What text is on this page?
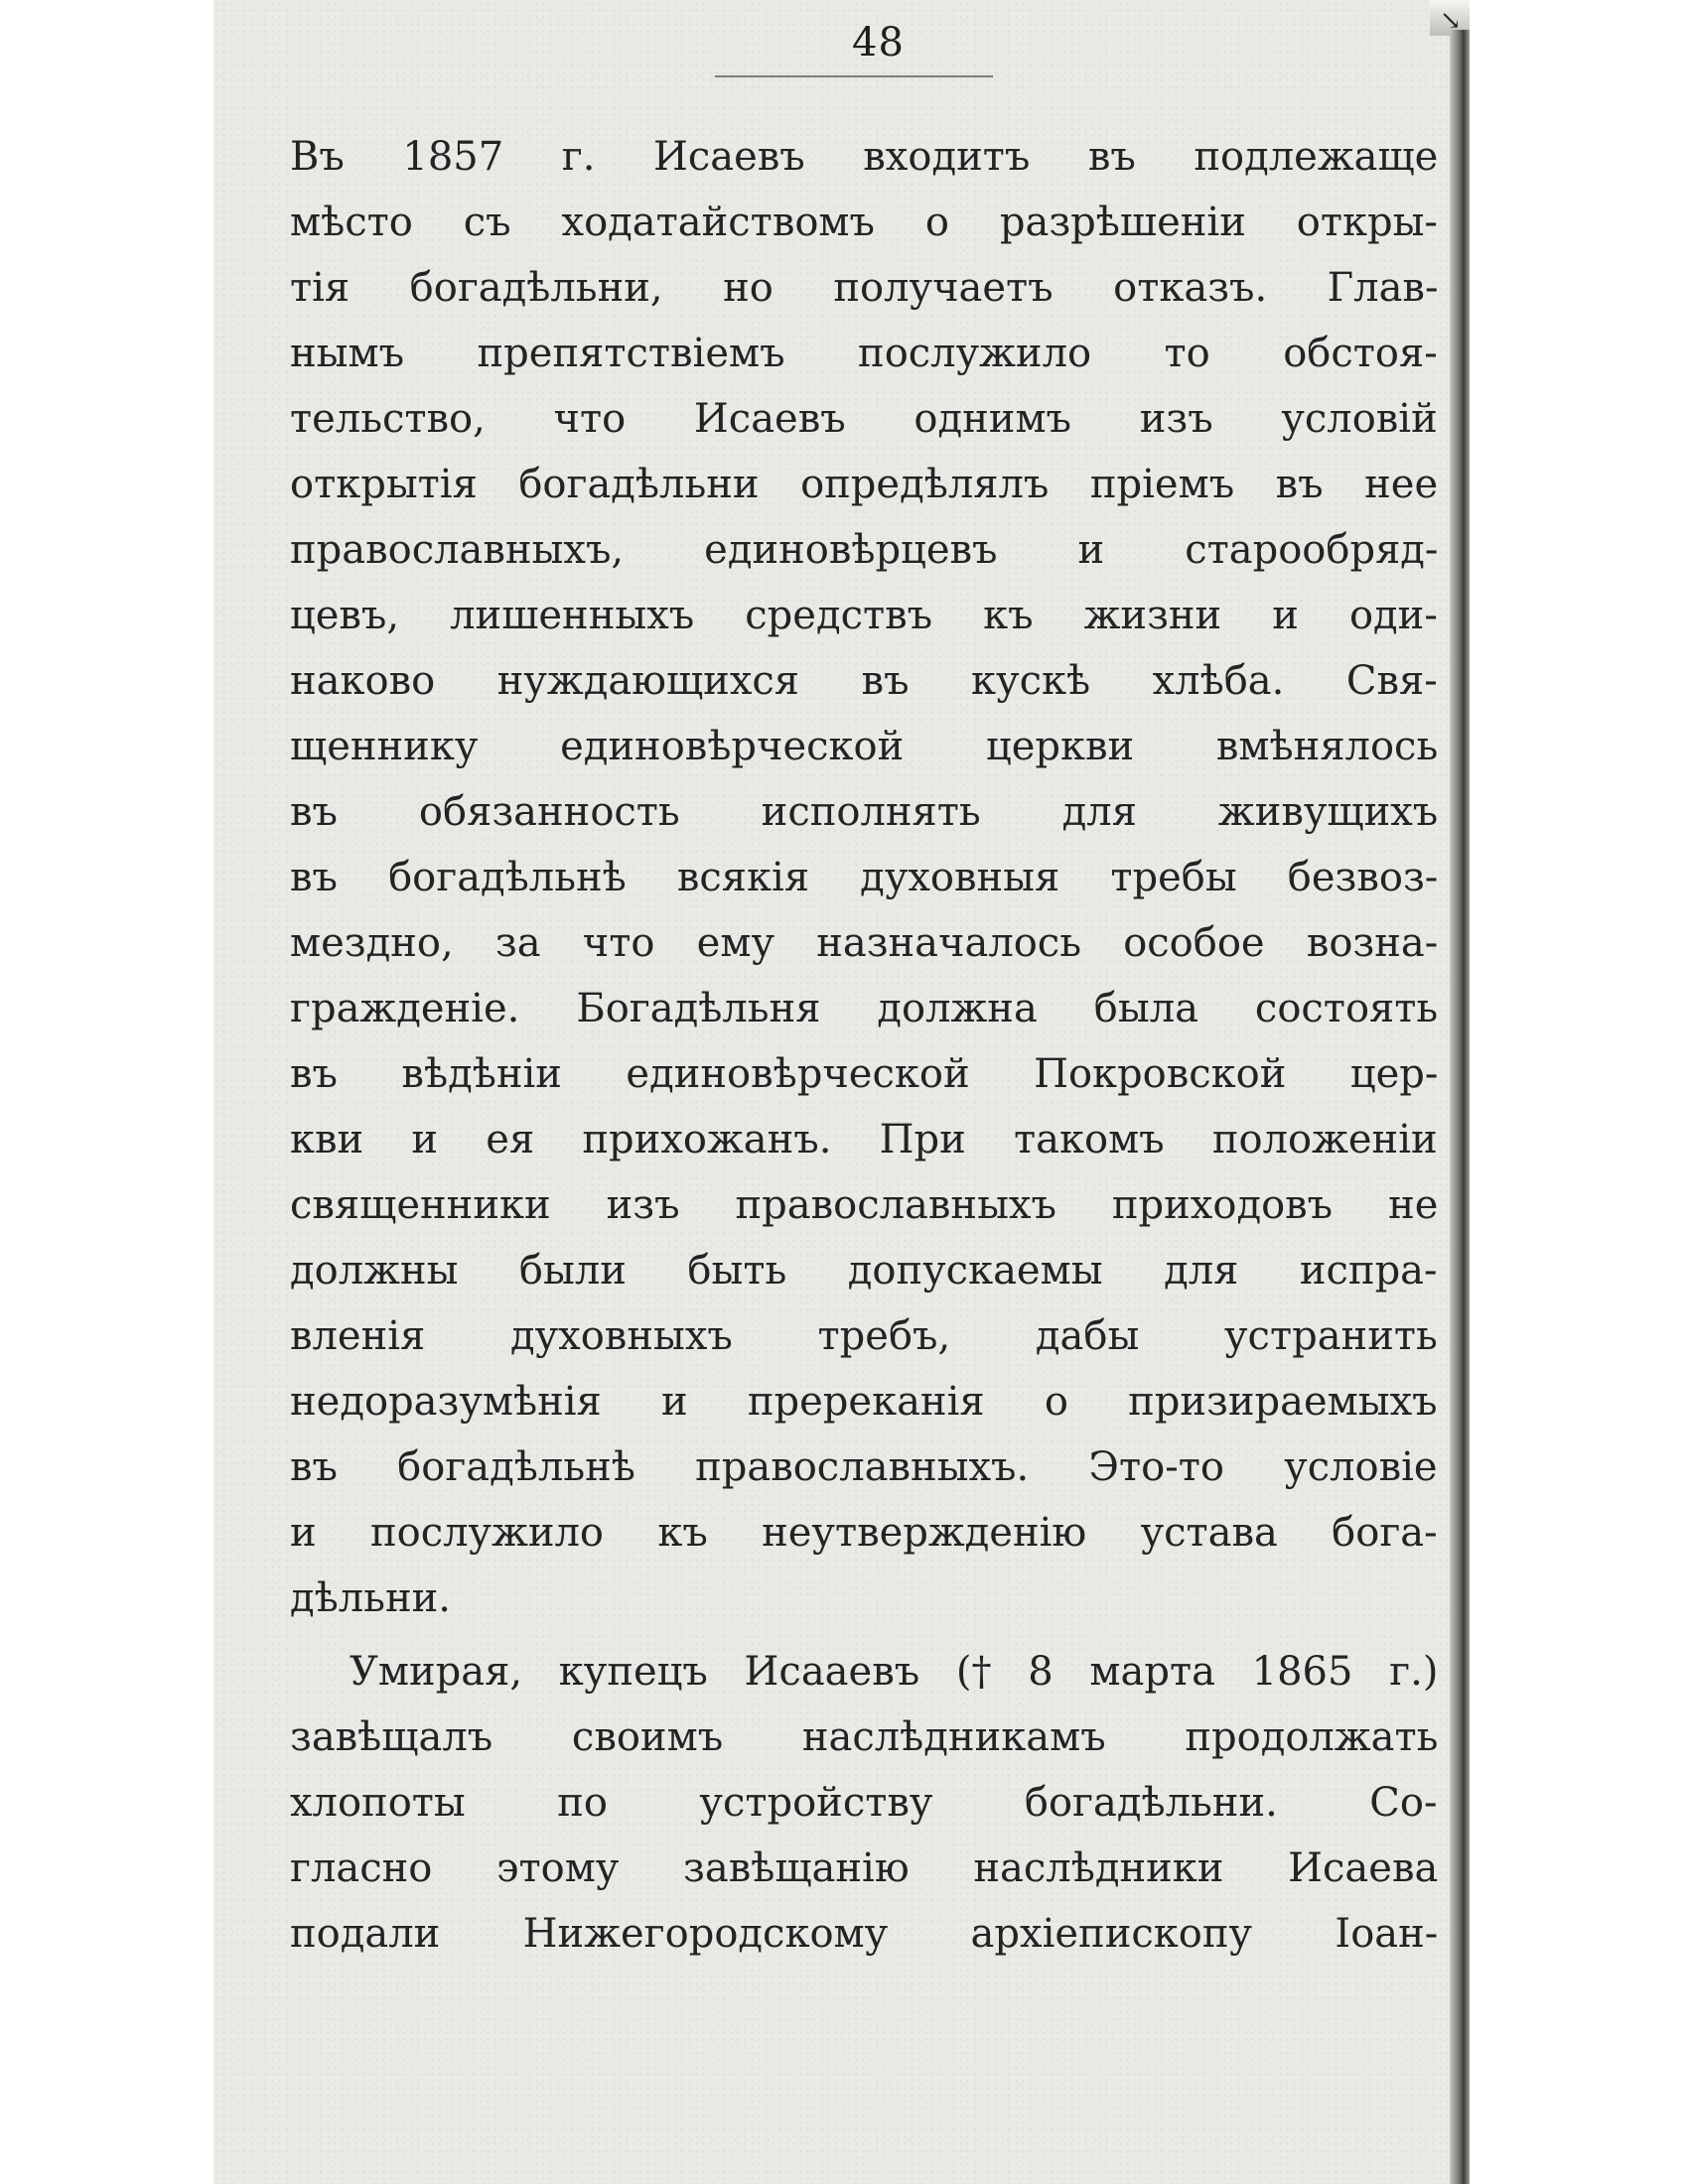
↘
48
Въ 1857 г. Исаевъ входитъ въ подлежаще
мѣсто съ ходатайствомъ о разрѣшеніи откры-
тія богадѣльни, но получаетъ отказъ. Глав-
нымъ препятствіемъ послужило то обстоя-
тельство, что Исаевъ однимъ изъ условій
открытія богадѣльни опредѣлялъ пріемъ въ нее
православныхъ, единовѣрцевъ и старообряд-
цевъ, лишенныхъ средствъ къ жизни и оди-
наково нуждающихся въ кускѣ хлѣба. Свя-
щеннику единовѣрческой церкви вмѣнялось
въ обязанность исполнять для живущихъ
въ богадѣльнѣ всякія духовныя требы безвоз-
мездно, за что ему назначалось особое возна-
гражденіе. Богадѣльня должна была состоять
въ вѣдѣніи единовѣрческой Покровской цер-
кви и ея прихожанъ. При такомъ положеніи
священники изъ православныхъ приходовъ не
должны были быть допускаемы для испра-
вленія духовныхъ требъ, дабы устранить
недоразумѣнія и пререканія о призираемыхъ
въ богадѣльнѣ православныхъ. Это-то условіе
и послужило къ неутвержденію устава бога-
дѣльни.
Умирая, купецъ Исааевъ († 8 марта 1865 г.)
завѣщалъ своимъ наслѣдникамъ продолжать
хлопоты по устройству богадѣльни. Со-
гласно этому завѣщанію наслѣдники Исаева
подали Нижегородскому архіепископу Іоан-
